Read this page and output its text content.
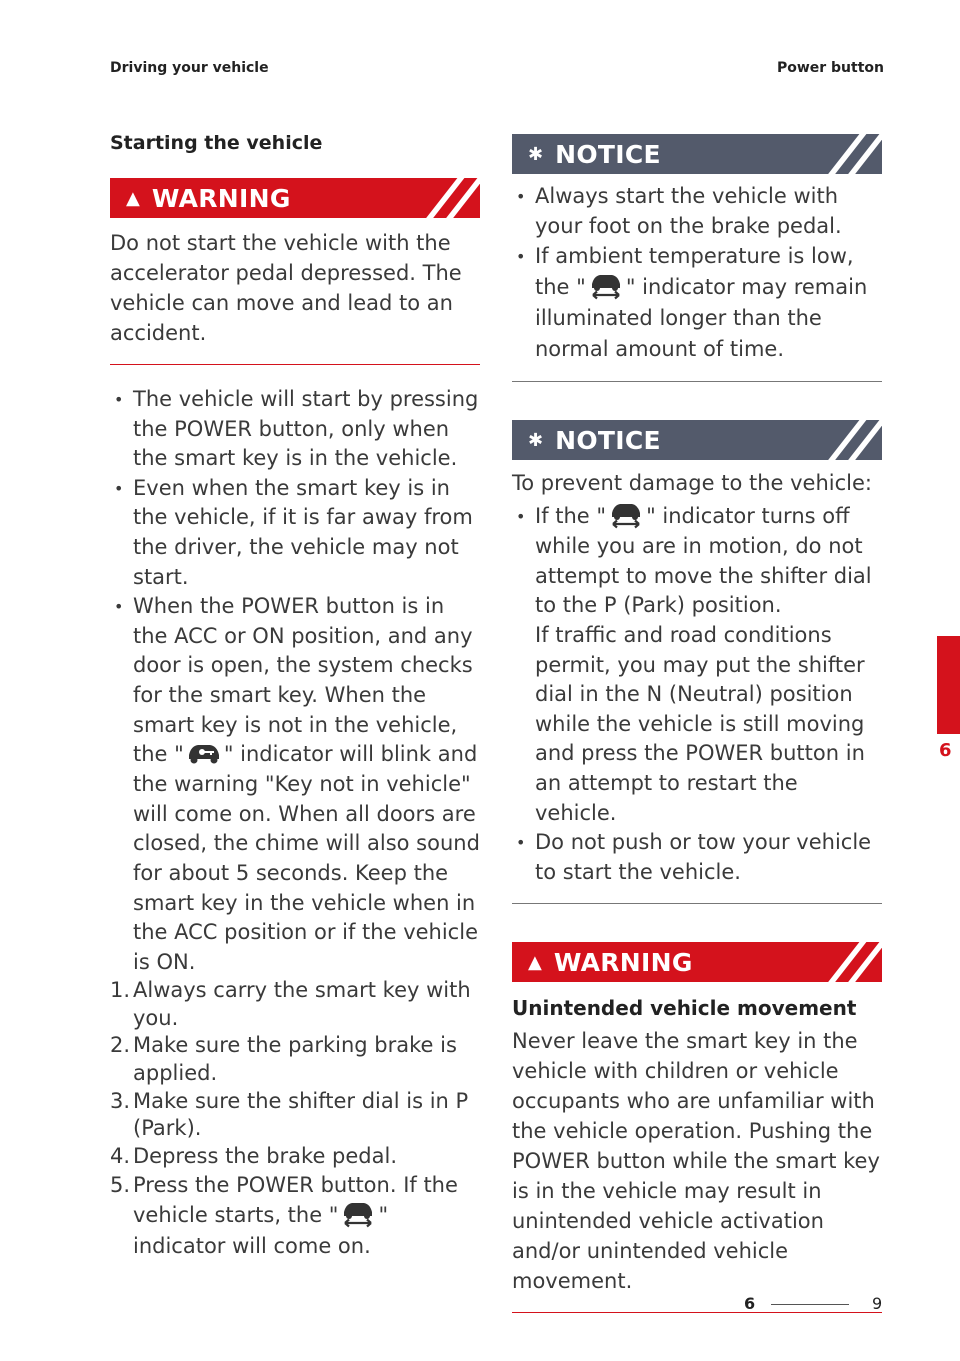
Driving your vehicle	Power button
Starting the vehicle
▲ WARNING

Do not start the vehicle with the accelerator pedal depressed. The vehicle can move and lead to an accident.

• The vehicle will start by pressing the POWER button, only when the smart key is in the vehicle.
• Even when the smart key is in the vehicle, if it is far away from the driver, the vehicle may not start.
• When the POWER button is in the ACC or ON position, and any door is open, the system checks for the smart key. When the smart key is not in the vehicle, the " " indicator will blink and the warning "Key not in vehicle" will come on. When all doors are closed, the chime will also sound for about 5 seconds. Keep the smart key in the vehicle when in the ACC position or if the vehicle is ON.
1. Always carry the smart key with you.
2. Make sure the parking brake is applied.
3. Make sure the shifter dial is in P (Park).
4. Depress the brake pedal.
5. Press the POWER button. If the vehicle starts, the " " indicator will come on.
✱ NOTICE
• Always start the vehicle with your foot on the brake pedal.
• If ambient temperature is low, the " " indicator may remain illuminated longer than the normal amount of time.
✱ NOTICE

To prevent damage to the vehicle:

• If the " " indicator turns off while you are in motion, do not attempt to move the shifter dial to the P (Park) position.
If traffic and road conditions permit, you may put the shifter dial in the N (Neutral) position while the vehicle is still moving and press the POWER button in an attempt to restart the vehicle.
• Do not push or tow your vehicle to start the vehicle.
▲ WARNING
Unintended vehicle movement

Never leave the smart key in the vehicle with children or vehicle occupants who are unfamiliar with the vehicle operation. Pushing the POWER button while the smart key is in the vehicle may result in unintended vehicle activation and/or unintended vehicle movement.

6
6	9
